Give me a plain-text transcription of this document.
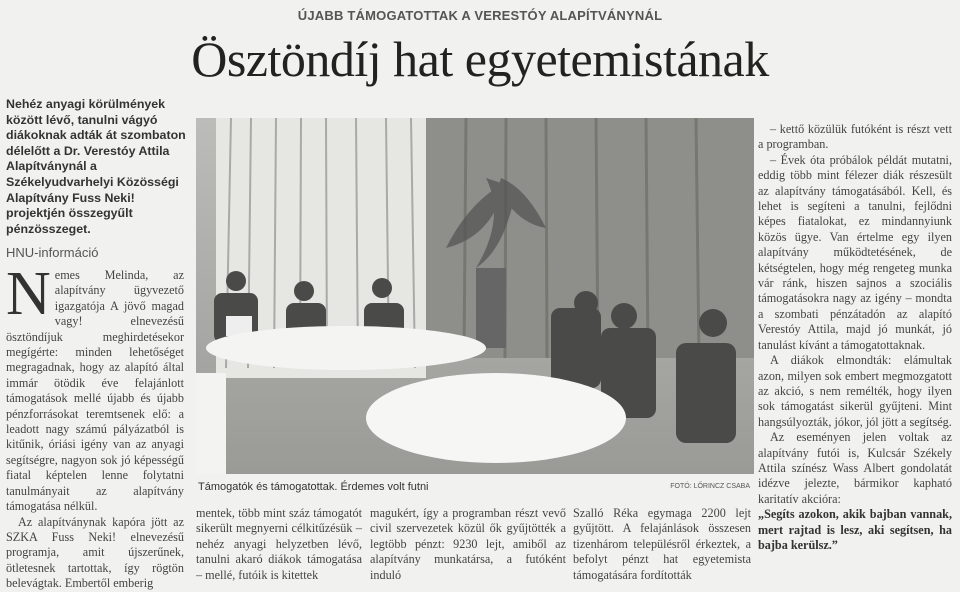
ÚJABB TÁMOGATOTTAK A VERESTÓY ALAPÍTVÁNYNÁL
Ösztöndíj hat egyetemistának
Nehéz anyagi körülmények között lévő, tanulni vágyó diákoknak adták át szombaton délelőtt a Dr. Verestóy Attila Alapítványnál a Székelyudvarhelyi Közösségi Alapítvány Fuss Neki! projektjén összegyűlt pénzösszeget.
HNU-információ

Nemes Melinda, az alapítvány ügyvezető igazgatója A jövő magad vagy! elnevezésű ösztöndíjuk meghirdetésekor megígérte: minden lehetőséget megragadnak, hogy az alapító által immár ötödik éve felajánlott támogatások mellé újabb és újabb pénzforrásokat teremtsenek elő: a leadott nagy számú pályázatból is kitűnik, óriási igény van az anyagi segítségre, nagyon sok jó képességű fiatal képtelen lenne folytatni tanulmányait az alapítvány támogatása nélkül.

Az alapítványnak kapóra jött az SZKA Fuss Neki! elnevezésű programja, amit újszerűnek, ötletesnek tartottak, így rögtön belevágtak. Embertől emberig

Támogatók és támogatottak. Érdemes volt futni	FOTÓ: LŐRINCZ CSABA

mentek, több mint száz támogatót sikerült megnyerni célkitűzésük – nehéz anyagi helyzetben lévő, tanulni akaró diákok támogatása – mellé, futóik is kitettek

magukért, így a programban részt vevő civil szervezetek közül ők gyűjtötték a legtöbb pénzt: 9230 lejt, amiből az alapítvány munkatársa, a futóként induló

Szalló Réka egymaga 2200 lejt gyűjtött. A felajánlások összesen tizenhárom településről érkeztek, a befolyt pénzt hat egyetemista támogatására fordították

– kettő közülük futóként is részt vett a programban.

– Évek óta próbálok példát mutatni, eddig több mint félezer diák részesült az alapítvány támogatásából. Kell, és lehet is segíteni a tanulni, fejlődni képes fiatalokat, ez mindannyiunk közös ügye. Van értelme egy ilyen alapítvány működtetésének, de kétségtelen, hogy még rengeteg munka vár ránk, hiszen sajnos a szociális támogatásokra nagy az igény – mondta a szombati pénzátadón az alapító Verestóy Attila, majd jó munkát, jó tanulást kívánt a támogatottaknak.

A diákok elmondták: elámultak azon, milyen sok embert megmozgatott az akció, s nem remélték, hogy ilyen sok támogatást sikerül gyűjteni. Mint hangsúlyozták, jókor, jól jött a segítség.

Az eseményen jelen voltak az alapítvány futói is, Kulcsár Székely Attila színész Wass Albert gondolatát idézve jelezte, bármikor kapható karitatív akcióra:

„Segíts azokon, akik bajban vannak, mert rajtad is lesz, aki segítsen, ha bajba kerülsz.”
